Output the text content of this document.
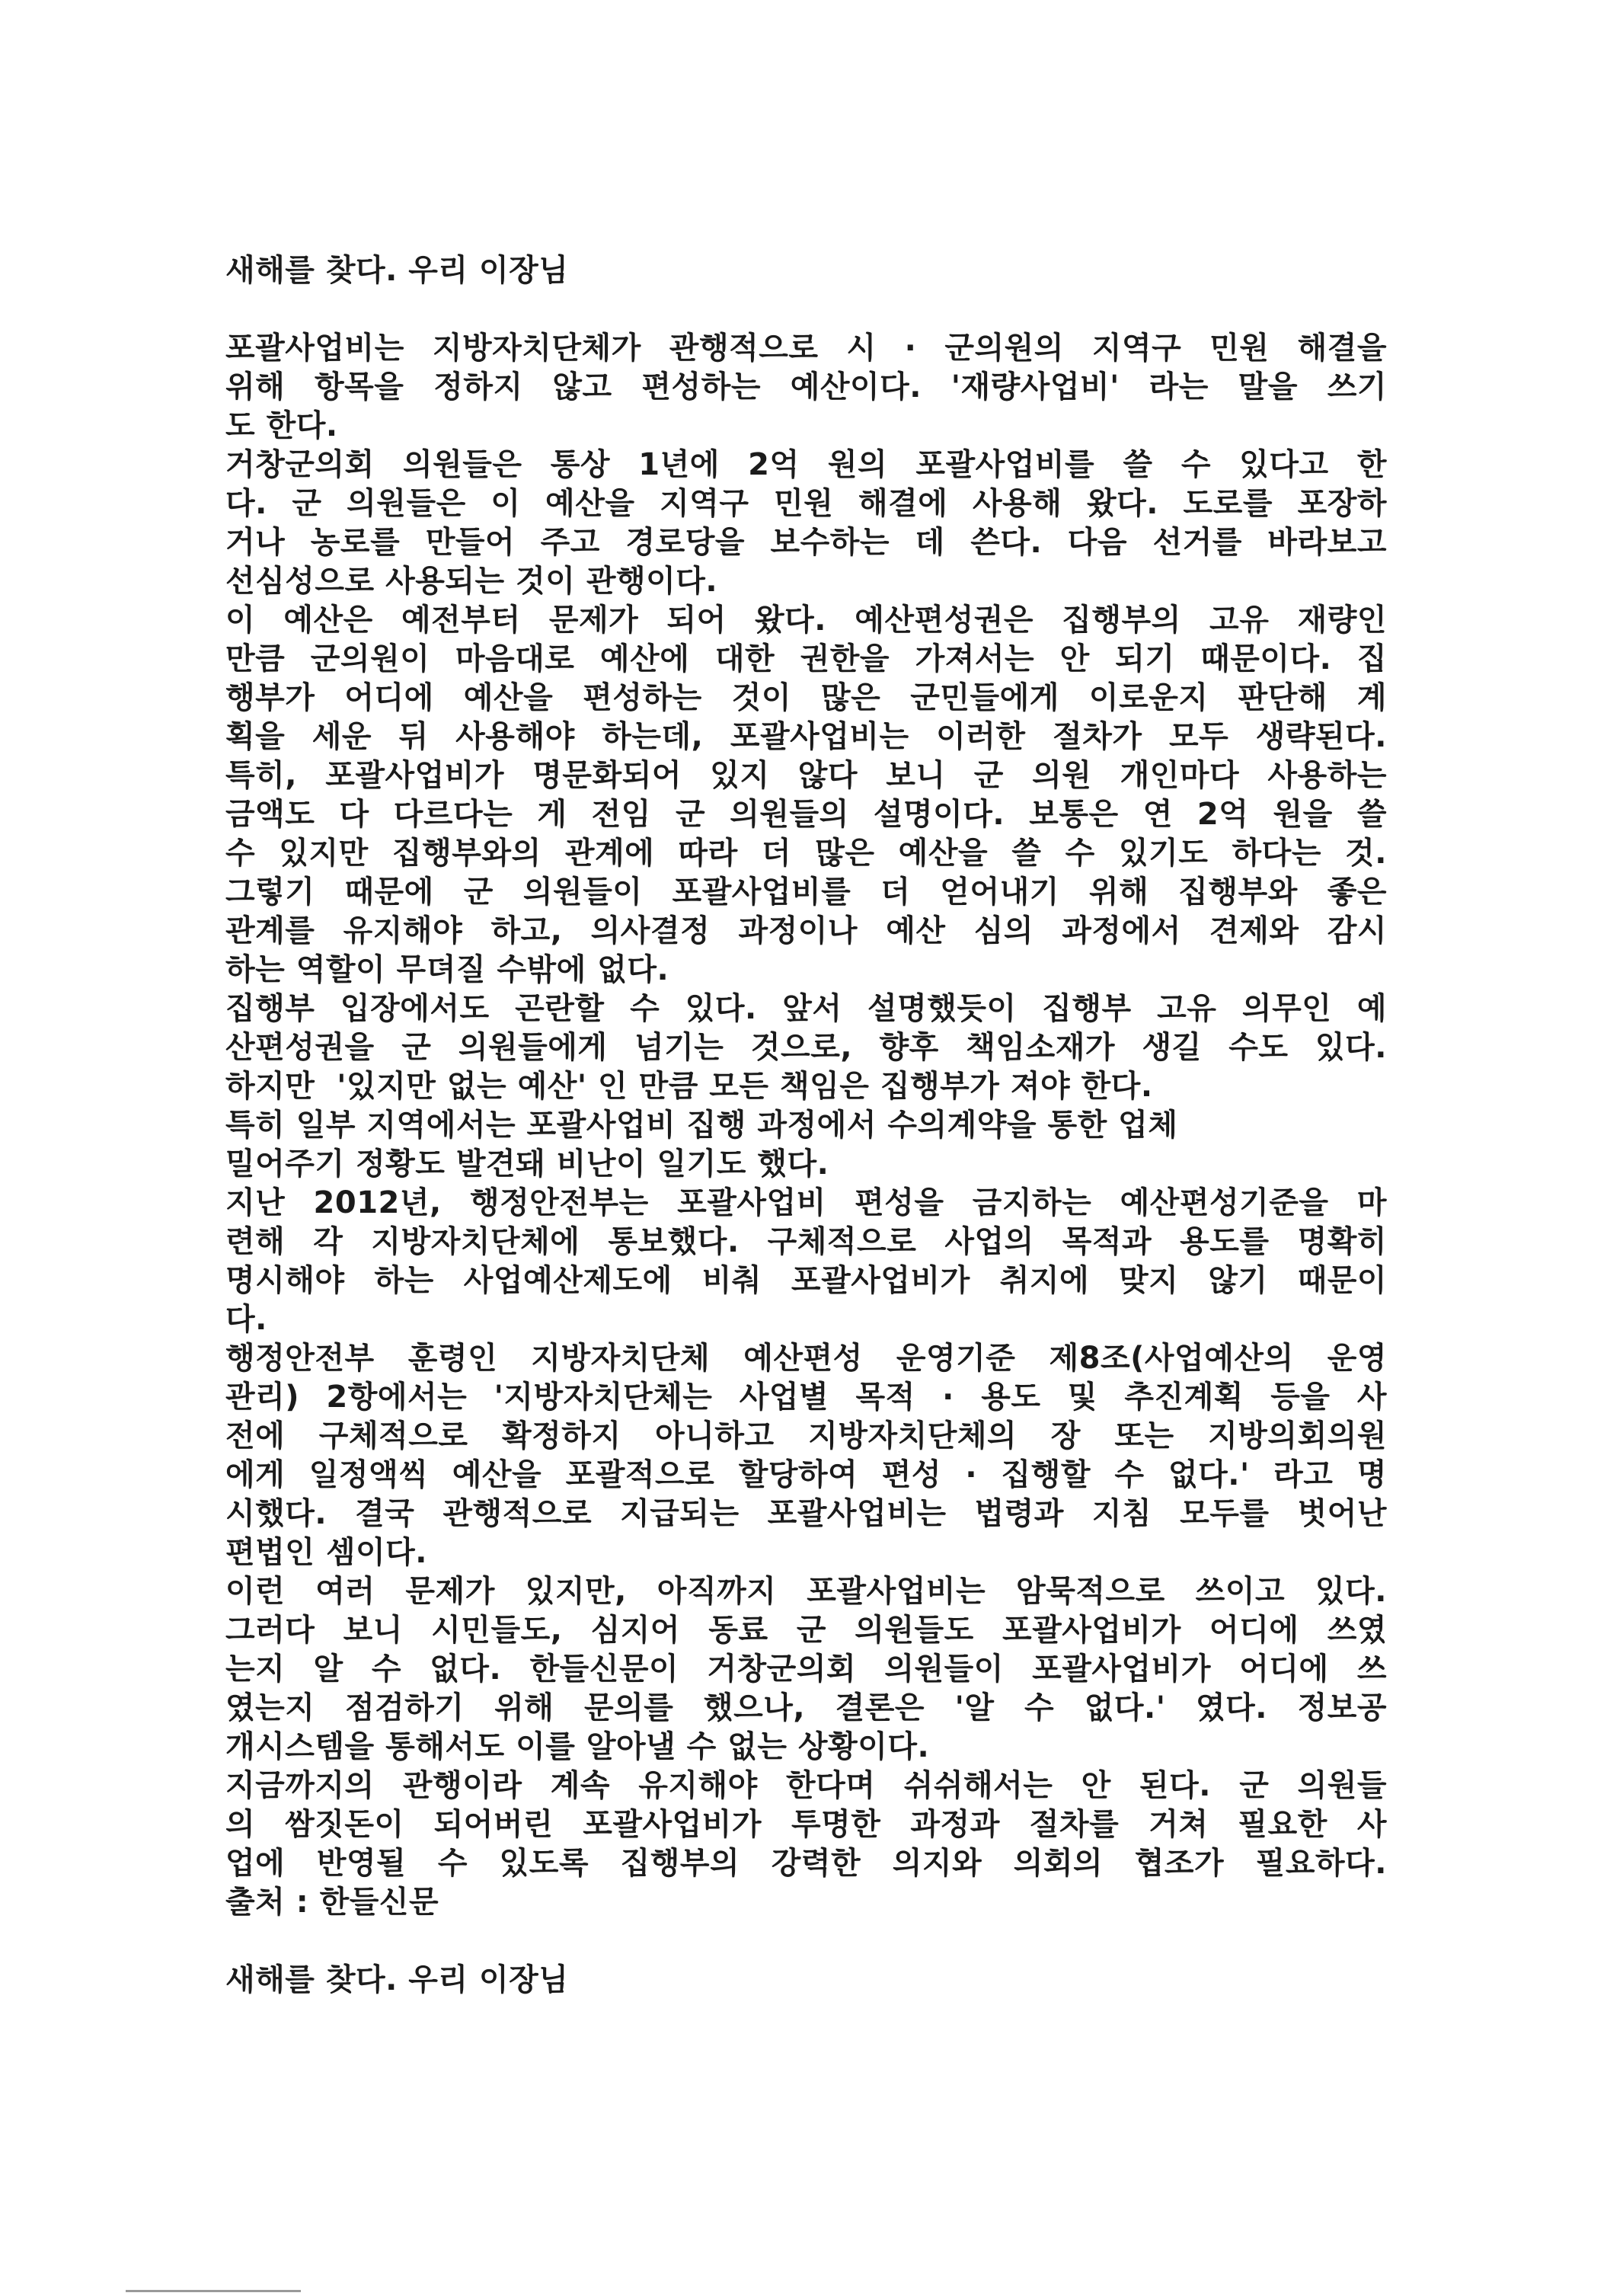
새해를 찾다. 우리 이장님
포괄사업비는 지방자치단체가 관행적으로 시 · 군의원의 지역구 민원 해결을
위해 항목을 정하지 않고 편성하는 예산이다. '재량사업비' 라는 말을 쓰기
도 한다.
거창군의회 의원들은 통상 1년에 2억 원의 포괄사업비를 쓸 수 있다고 한
다. 군 의원들은 이 예산을 지역구 민원 해결에 사용해 왔다. 도로를 포장하
거나 농로를 만들어 주고 경로당을 보수하는 데 쓴다. 다음 선거를 바라보고
선심성으로 사용되는 것이 관행이다.
이 예산은 예전부터 문제가 되어 왔다. 예산편성권은 집행부의 고유 재량인
만큼 군의원이 마음대로 예산에 대한 권한을 가져서는 안 되기 때문이다. 집
행부가 어디에 예산을 편성하는 것이 많은 군민들에게 이로운지 판단해 계
획을 세운 뒤 사용해야 하는데, 포괄사업비는 이러한 절차가 모두 생략된다.
특히, 포괄사업비가 명문화되어 있지 않다 보니 군 의원 개인마다 사용하는
금액도 다 다르다는 게 전임 군 의원들의 설명이다. 보통은 연 2억 원을 쓸
수 있지만 집행부와의 관계에 따라 더 많은 예산을 쓸 수 있기도 하다는 것.
그렇기 때문에 군 의원들이 포괄사업비를 더 얻어내기 위해 집행부와 좋은
관계를 유지해야 하고, 의사결정 과정이나 예산 심의 과정에서 견제와 감시
하는 역할이 무뎌질 수밖에 없다.
집행부 입장에서도 곤란할 수 있다. 앞서 설명했듯이 집행부 고유 의무인 예
산편성권을 군 의원들에게 넘기는 것으로, 향후 책임소재가 생길 수도 있다.
하지만  '있지만 없는 예산' 인 만큼 모든 책임은 집행부가 져야 한다.
특히 일부 지역에서는 포괄사업비 집행 과정에서 수의계약을 통한 업체
밀어주기 정황도 발견돼 비난이 일기도 했다.
지난 2012년, 행정안전부는 포괄사업비 편성을 금지하는 예산편성기준을 마
련해 각 지방자치단체에 통보했다. 구체적으로 사업의 목적과 용도를 명확히
명시해야 하는 사업예산제도에 비춰 포괄사업비가 취지에 맞지 않기 때문이
다.
행정안전부 훈령인 지방자치단체 예산편성 운영기준 제8조(사업예산의 운영
관리) 2항에서는 '지방자치단체는 사업별 목적 · 용도 및 추진계획 등을 사
전에 구체적으로 확정하지 아니하고 지방자치단체의 장 또는 지방의회의원
에게 일정액씩 예산을 포괄적으로 할당하여 편성 · 집행할 수 없다.' 라고 명
시했다. 결국 관행적으로 지급되는 포괄사업비는 법령과 지침 모두를 벗어난
편법인 셈이다.
이런 여러 문제가 있지만, 아직까지 포괄사업비는 암묵적으로 쓰이고 있다.
그러다 보니 시민들도, 심지어 동료 군 의원들도 포괄사업비가 어디에 쓰였
는지 알 수 없다. 한들신문이 거창군의회 의원들이 포괄사업비가 어디에 쓰
였는지 점검하기 위해 문의를 했으나, 결론은 '알 수 없다.' 였다. 정보공
개시스템을 통해서도 이를 알아낼 수 없는 상황이다.
지금까지의 관행이라 계속 유지해야 한다며 쉬쉬해서는 안 된다. 군 의원들
의 쌈짓돈이 되어버린 포괄사업비가 투명한 과정과 절차를 거쳐 필요한 사
업에 반영될 수 있도록 집행부의 강력한 의지와 의회의 협조가 필요하다.
출처 : 한들신문
새해를 찾다. 우리 이장님
